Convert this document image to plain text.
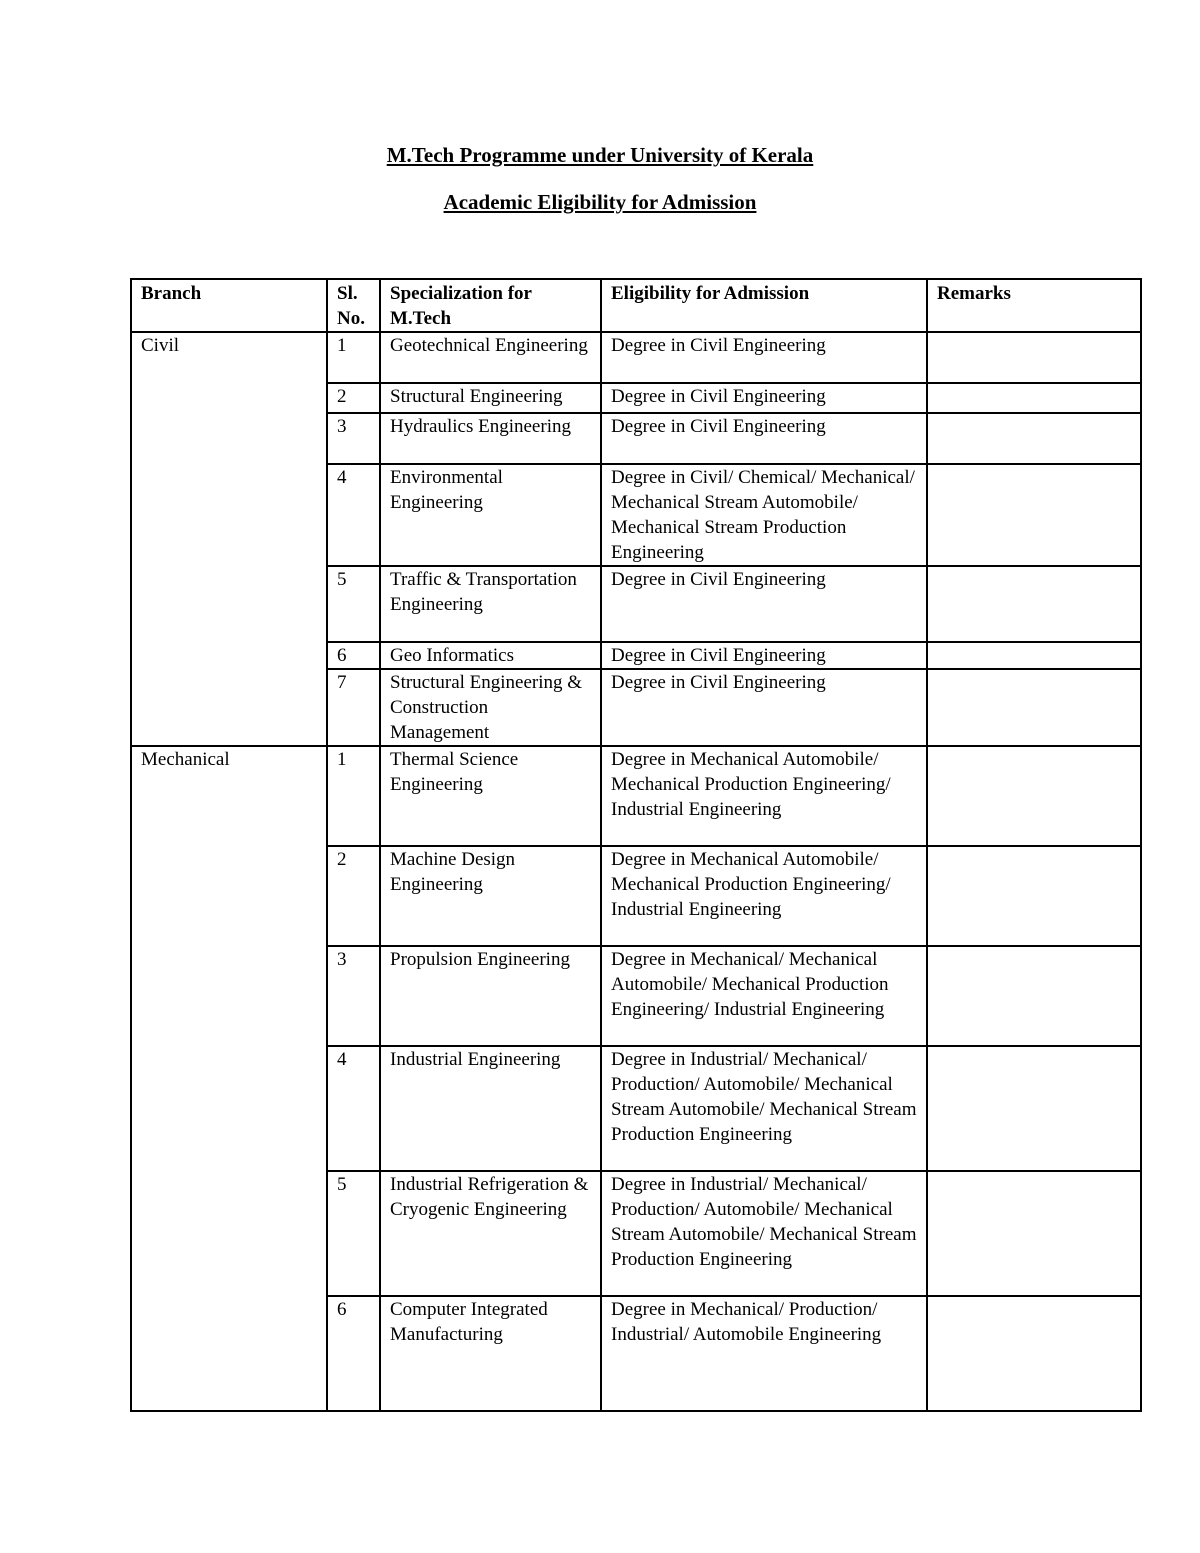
M.Tech Programme under University of Kerala
Academic Eligibility for Admission
Branch	Sl. No.	Specialization for M.Tech	Eligibility for Admission	Remarks
Civil	1	Geotechnical Engineering	Degree in Civil Engineering	
	2	Structural Engineering	Degree in Civil Engineering	
	3	Hydraulics Engineering	Degree in Civil Engineering	
	4	Environmental Engineering	Degree in Civil/ Chemical/ Mechanical/ Mechanical Stream Automobile/ Mechanical Stream Production Engineering	
	5	Traffic & Transportation Engineering	Degree in Civil Engineering	
	6	Geo Informatics	Degree in Civil Engineering	
	7	Structural Engineering & Construction Management	Degree in Civil Engineering	
Mechanical	1	Thermal Science Engineering	Degree in Mechanical Automobile/ Mechanical Production Engineering/ Industrial Engineering	
	2	Machine Design Engineering	Degree in Mechanical Automobile/ Mechanical Production Engineering/ Industrial Engineering	
	3	Propulsion Engineering	Degree in Mechanical/ Mechanical Automobile/ Mechanical Production Engineering/ Industrial Engineering	
	4	Industrial Engineering	Degree in Industrial/ Mechanical/ Production/ Automobile/ Mechanical Stream Automobile/ Mechanical Stream Production Engineering	
	5	Industrial Refrigeration & Cryogenic Engineering	Degree in Industrial/ Mechanical/ Production/ Automobile/ Mechanical Stream Automobile/ Mechanical Stream Production Engineering	
	6	Computer Integrated Manufacturing	Degree in Mechanical/ Production/ Industrial/ Automobile Engineering	
